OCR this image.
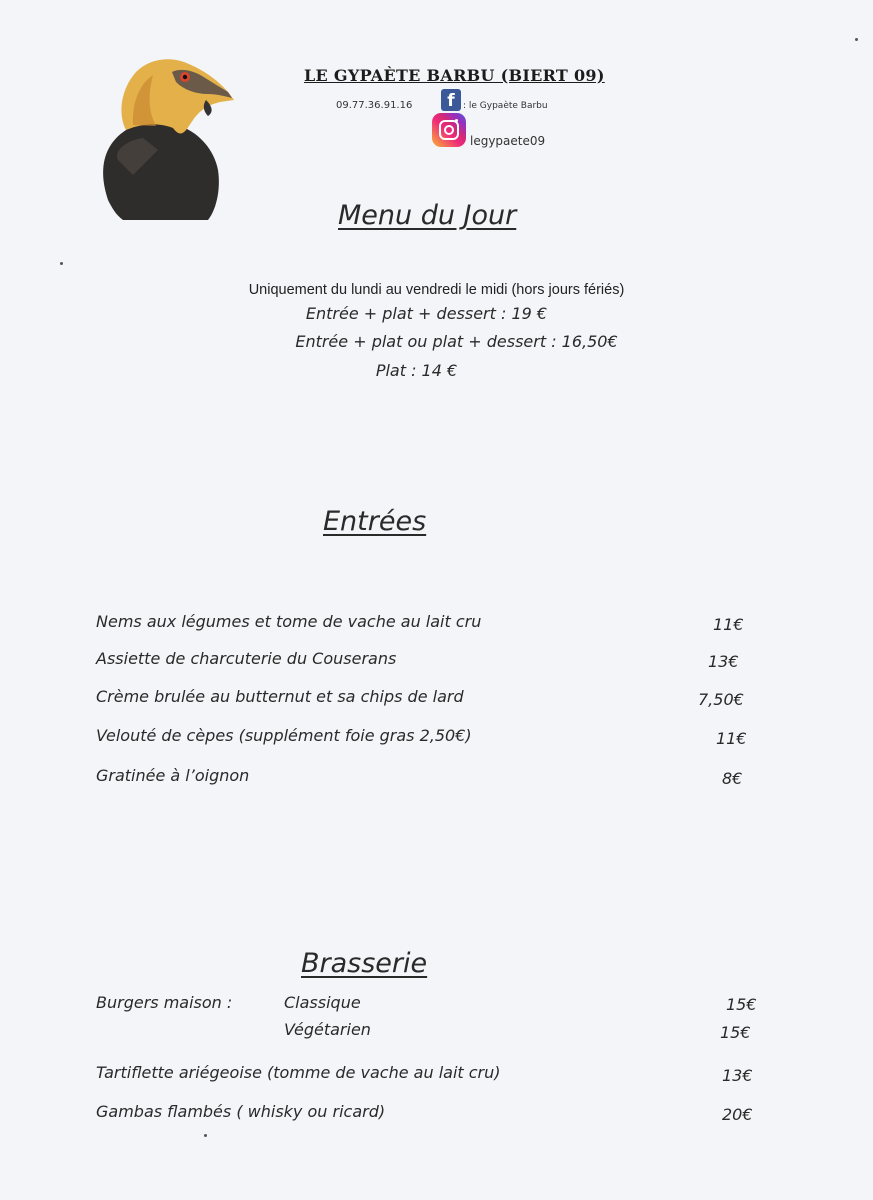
LE GYPAÈTE BARBU (BIERT 09)
09.77.36.91.16	f : le Gypaète Barbu
legypaete09
Menu du Jour
Uniquement du lundi au vendredi le midi (hors jours fériés)
Entrée + plat + dessert : 19 €
Entrée + plat ou plat + dessert : 16,50€
Plat : 14 €
Entrées
Nems aux légumes et tome de vache au lait cru	11€
Assiette de charcuterie du Couserans	13€
Crème brulée au butternut et sa chips de lard	7,50€
Velouté de cèpes (supplément foie gras 2,50€)	11€
Gratinée à l’oignon	8€
Brasserie
Burgers maison :	Classique	15€
Végétarien	15€
Tartiflette ariégeoise (tomme de vache au lait cru)	13€
Gambas flambés ( whisky ou ricard)	20€
